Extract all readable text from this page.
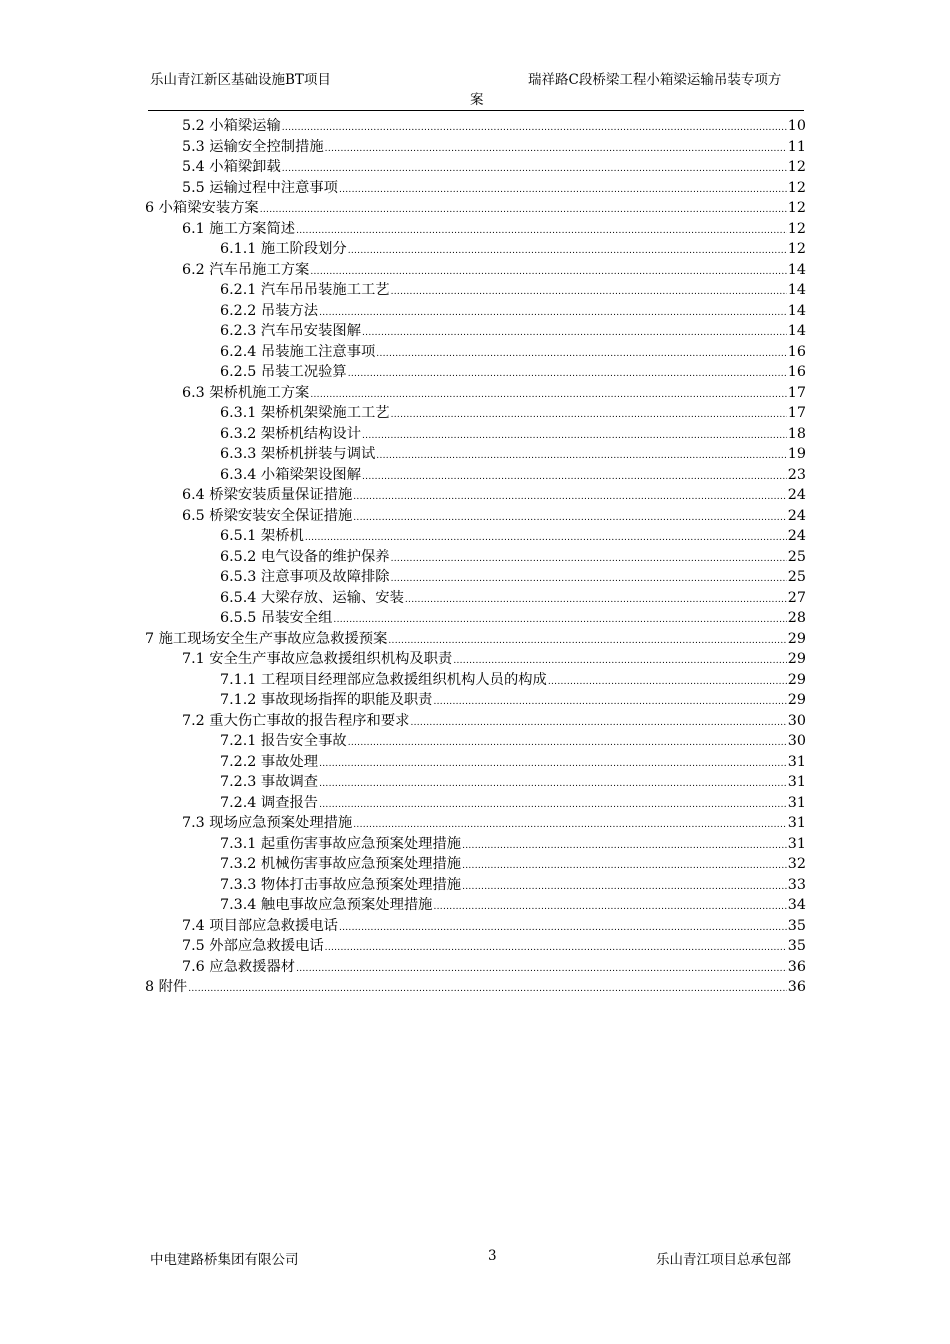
乐山青江新区基础设施BT项目	瑞祥路C段桥梁工程小箱梁运输吊装专项方
案
5.2 小箱梁运输 .....	10
5.3 运输安全控制措施 .....	11
5.4 小箱梁卸载 .....	12
5.5 运输过程中注意事项 .....	12
6 小箱梁安装方案 .....	12
6.1 施工方案简述 .....	12
6.1.1 施工阶段划分 .....	12
6.2 汽车吊施工方案 .....	14
6.2.1 汽车吊吊装施工工艺 .....	14
6.2.2 吊装方法 .....	14
6.2.3 汽车吊安装图解 .....	14
6.2.4 吊装施工注意事项 .....	16
6.2.5 吊装工况验算 .....	16
6.3 架桥机施工方案 .....	17
6.3.1 架桥机架梁施工工艺 .....	17
6.3.2 架桥机结构设计 .....	18
6.3.3 架桥机拼装与调试 .....	19
6.3.4 小箱梁架设图解 .....	23
6.4 桥梁安装质量保证措施 .....	24
6.5 桥梁安装安全保证措施 .....	24
6.5.1 架桥机 .....	24
6.5.2 电气设备的维护保养 .....	25
6.5.3 注意事项及故障排除 .....	25
6.5.4 大梁存放、运输、安装 .....	27
6.5.5 吊装安全组 .....	28
7 施工现场安全生产事故应急救援预案 .....	29
7.1 安全生产事故应急救援组织机构及职责 .....	29
7.1.1 工程项目经理部应急救援组织机构人员的构成 .....	29
7.1.2 事故现场指挥的职能及职责 .....	29
7.2 重大伤亡事故的报告程序和要求 .....	30
7.2.1 报告安全事故 .....	30
7.2.2 事故处理 .....	31
7.2.3 事故调查 .....	31
7.2.4 调查报告 .....	31
7.3 现场应急预案处理措施 .....	31
7.3.1 起重伤害事故应急预案处理措施 .....	31
7.3.2 机械伤害事故应急预案处理措施 .....	32
7.3.3 物体打击事故应急预案处理措施 .....	33
7.3.4 触电事故应急预案处理措施 .....	34
7.4 项目部应急救援电话 .....	35
7.5 外部应急救援电话 .....	35
7.6 应急救援器材 .....	36
8 附件 .....	36
中电建路桥集团有限公司	3	乐山青江项目总承包部
